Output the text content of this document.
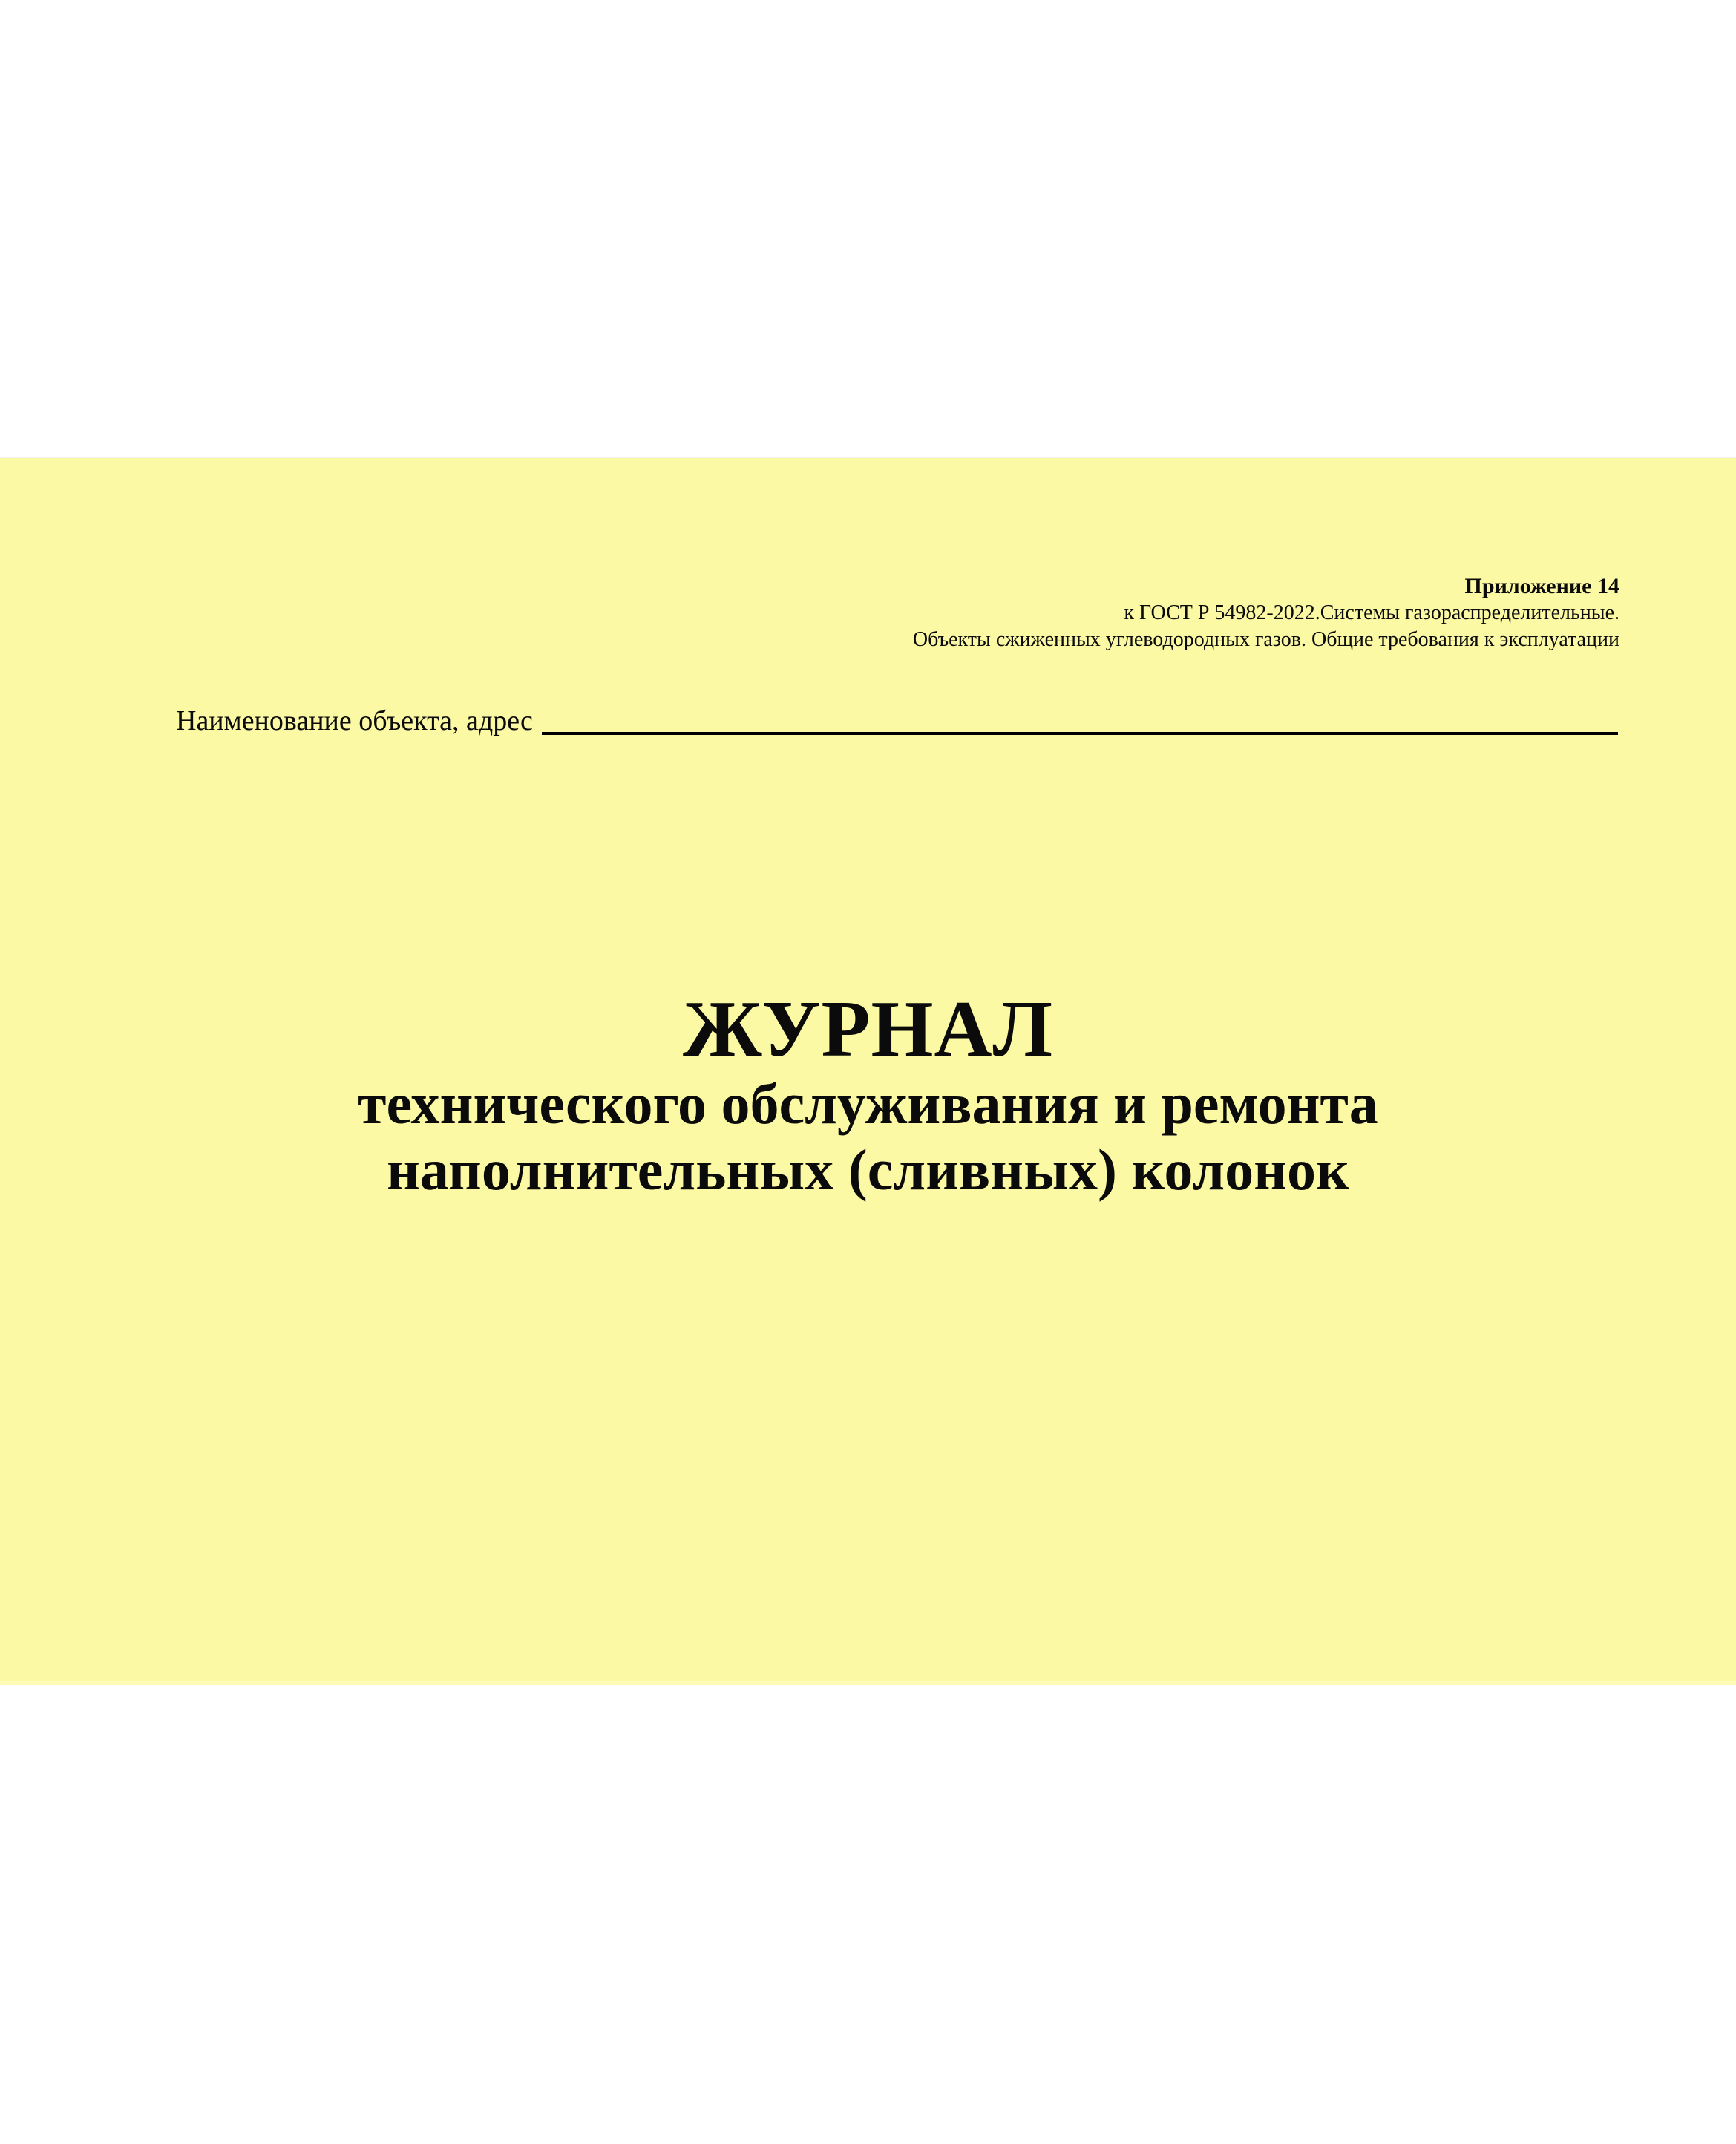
Приложение 14
к ГОСТ Р 54982-2022.Системы газораспределительные.
Объекты сжиженных углеводородных газов. Общие требования к эксплуатации
Наименование объекта, адрес
ЖУРНАЛ
технического обслуживания и ремонта
наполнительных (сливных) колонок
